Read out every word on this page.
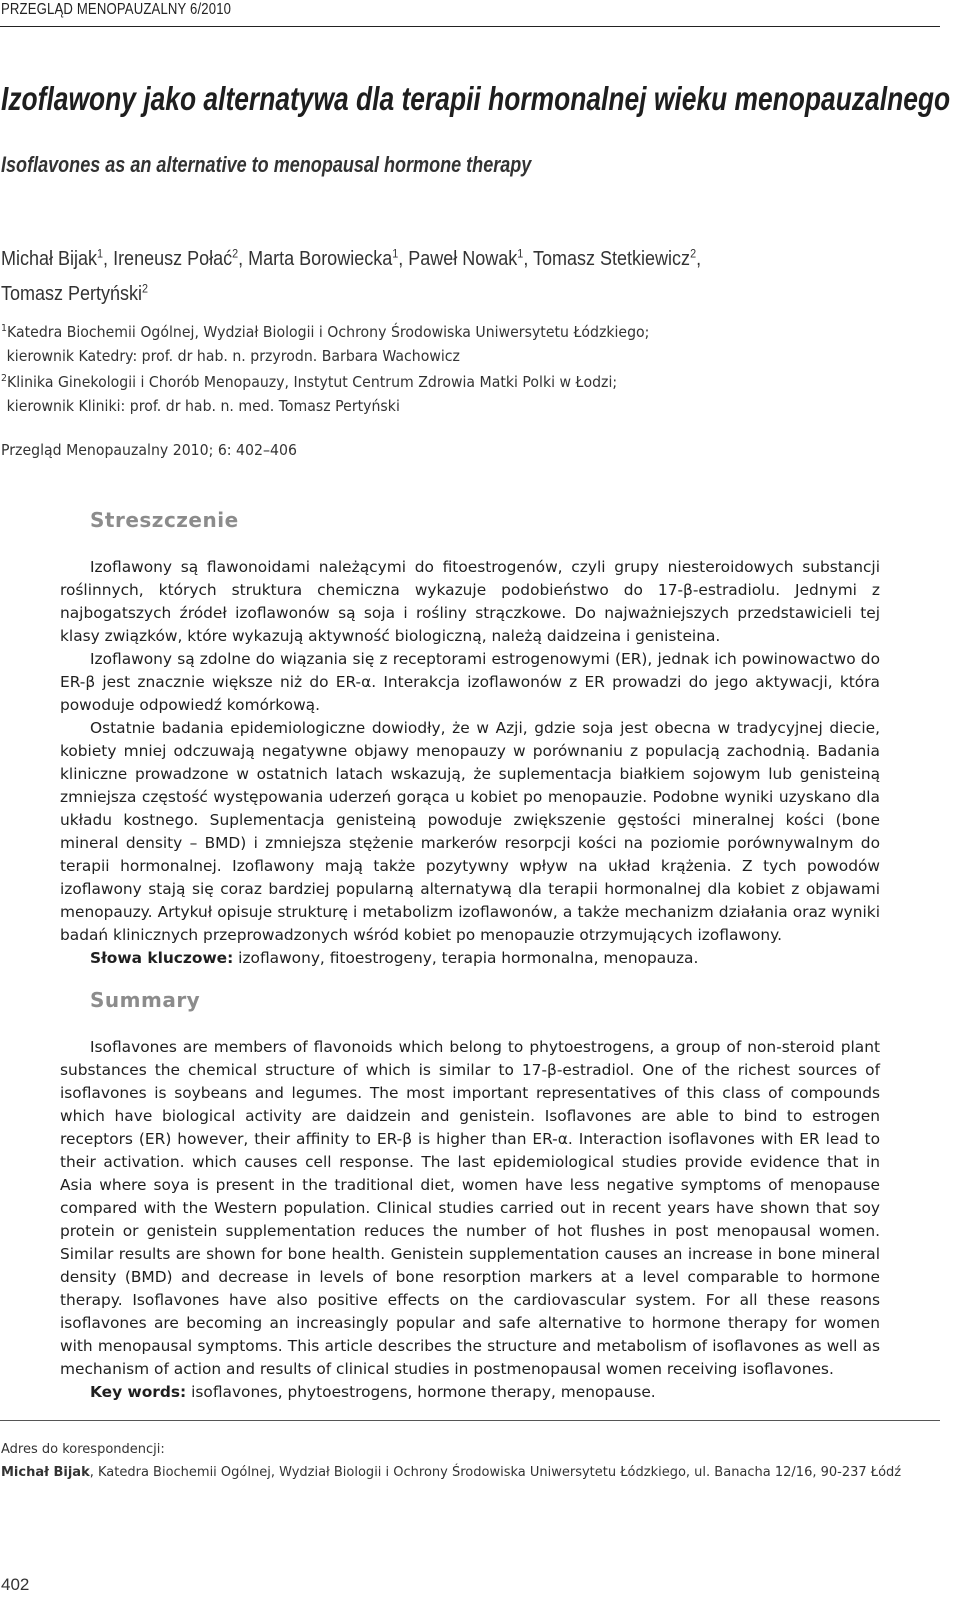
PRZEGLĄD MENOPAUZALNY 6/2010
Izoflawony jako alternatywa dla terapii hormonalnej wieku menopauzalnego
Isoflavones as an alternative to menopausal hormone therapy
Michał Bijak$^1$, Ireneusz Połać$^2$, Marta Borowiecka$^1$, Paweł Nowak$^1$, Tomasz Stetkiewicz$^2$,
Tomasz Pertyński$^2$
$^1$Katedra Biochemii Ogólnej, Wydział Biologii i Ochrony Środowiska Uniwersytetu Łódzkiego;
kierownik Katedry: prof. dr hab. n. przyrodn. Barbara Wachowicz
$^2$Klinika Ginekologii i Chorób Menopauzy, Instytut Centrum Zdrowia Matki Polki w Łodzi;
kierownik Kliniki: prof. dr hab. n. med. Tomasz Pertyński
Przegląd Menopauzalny 2010; 6: 402–406
Streszczenie

Izoflawony są flawonoidami należącymi do fitoestrogenów, czyli grupy niesteroidowych substancji roślinnych, których struktura chemiczna wykazuje podobieństwo do 17-β-estradiolu. Jednymi z najbogatszych źródeł izoflawonów są soja i rośliny strączkowe. Do najważniejszych przedstawicieli tej klasy związków, które wykazują aktywność biologiczną, należą daidzeina i genisteina.

Izoflawony są zdolne do wiązania się z receptorami estrogenowymi (ER), jednak ich powinowactwo do ER-β jest znacznie większe niż do ER-α. Interakcja izoflawonów z ER prowadzi do jego aktywacji, która powoduje odpowiedź komórkową.

Ostatnie badania epidemiologiczne dowiodły, że w Azji, gdzie soja jest obecna w tradycyjnej diecie, kobiety mniej odczuwają negatywne objawy menopauzy w porównaniu z populacją zachodnią. Badania kliniczne prowadzone w ostatnich latach wskazują, że suplementacja białkiem sojowym lub genisteiną zmniejsza częstość występowania uderzeń gorąca u kobiet po menopauzie. Podobne wyniki uzyskano dla układu kostnego. Suplementacja genisteiną powoduje zwiększenie gęstości mineralnej kości (bone mineral density – BMD) i zmniejsza stężenie markerów resorpcji kości na poziomie porównywalnym do terapii hormonalnej. Izoflawony mają także pozytywny wpływ na układ krążenia. Z tych powodów izoflawony stają się coraz bardziej popularną alternatywą dla terapii hormonalnej dla kobiet z objawami menopauzy. Artykuł opisuje strukturę i metabolizm izoflawonów, a także mechanizm działania oraz wyniki badań klinicznych przeprowadzonych wśród kobiet po menopauzie otrzymujących izoflawony.

Słowa kluczowe: izoflawony, fitoestrogeny, terapia hormonalna, menopauza.

Summary

Isoflavones are members of flavonoids which belong to phytoestrogens, a group of non-steroid plant substances the chemical structure of which is similar to 17-β-estradiol. One of the richest sources of isoflavones is soybeans and legumes. The most important representatives of this class of compounds which have biological activity are daidzein and genistein. Isoflavones are able to bind to estrogen receptors (ER) however, their affinity to ER-β is higher than ER-α. Interaction isoflavones with ER lead to their activation. which causes cell response. The last epidemiological studies provide evidence that in Asia where soya is present in the traditional diet, women have less negative symptoms of menopause compared with the Western population. Clinical studies carried out in recent years have shown that soy protein or genistein supplementation reduces the number of hot flushes in post menopausal women. Similar results are shown for bone health. Genistein supplementation causes an increase in bone mineral density (BMD) and decrease in levels of bone resorption markers at a level comparable to hormone therapy. Isoflavones have also positive effects on the cardiovascular system. For all these reasons isoflavones are becoming an increasingly popular and safe alternative to hormone therapy for women with menopausal symptoms. This article describes the structure and metabolism of isoflavones as well as mechanism of action and results of clinical studies in postmenopausal women receiving isoflavones.

Key words: isoflavones, phytoestrogens, hormone therapy, menopause.

Adres do korespondencji:
Michał Bijak, Katedra Biochemii Ogólnej, Wydział Biologii i Ochrony Środowiska Uniwersytetu Łódzkiego, ul. Banacha 12/16, 90-237 Łódź
402
